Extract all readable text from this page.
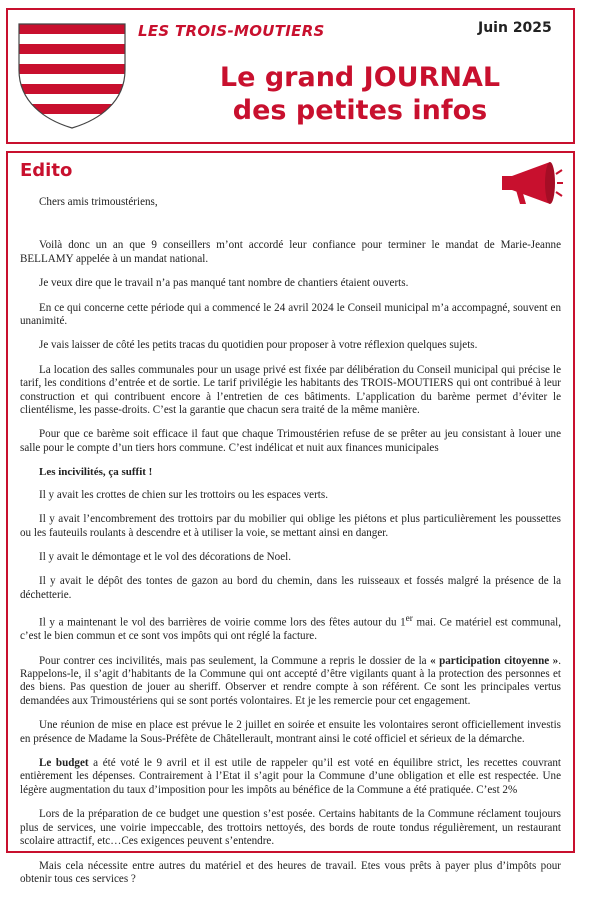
LES TROIS-MOUTIERS	Juin 2025
Le grand JOURNAL
des petites infos
Edito

Chers amis trimoustériens,

Voilà donc un an que 9 conseillers m’ont accordé leur confiance pour terminer le mandat de Marie-Jeanne BELLAMY appelée à un mandat national.

Je veux dire que le travail n’a pas manqué tant nombre de chantiers étaient ouverts.

En ce qui concerne cette période qui a commencé le 24 avril 2024 le Conseil municipal m’a accompagné, souvent en unanimité.

Je vais laisser de côté les petits tracas du quotidien pour proposer à votre réflexion quelques sujets.

La location des salles communales pour un usage privé est fixée par délibération du Conseil municipal qui précise le tarif, les conditions d’entrée et de sortie. Le tarif privilégie les habitants des TROIS-MOUTIERS qui ont contribué à leur construction et qui contribuent encore à l’entretien de ces bâtiments. L’application du barème permet d’éviter le clientélisme, les passe-droits. C’est la garantie que chacun sera traité de la même manière.

Pour que ce barème soit efficace il faut que chaque Trimoustérien refuse de se prêter au jeu consistant à louer une salle pour le compte d’un tiers hors commune. C’est indélicat et nuit aux finances municipales

Les incivilités, ça suffit !

Il y avait les crottes de chien sur les trottoirs ou les espaces verts.

Il y avait l’encombrement des trottoirs par du mobilier qui oblige les piétons et plus particulièrement les poussettes ou les fauteuils roulants à descendre et à utiliser la voie, se mettant ainsi en danger.

Il y avait le démontage et le vol des décorations de Noel.

Il y avait le dépôt des tontes de gazon au bord du chemin, dans les ruisseaux et fossés malgré la présence de la déchetterie.

Il y a maintenant le vol des barrières de voirie comme lors des fêtes autour du 1er mai. Ce matériel est communal, c’est le bien commun et ce sont vos impôts qui ont réglé la facture.

Pour contrer ces incivilités, mais pas seulement, la Commune a repris le dossier de la « participation citoyenne ». Rappelons-le, il s’agit d’habitants de la Commune qui ont accepté d’être vigilants quant à la protection des personnes et des biens. Pas question de jouer au sheriff. Observer et rendre compte à son référent. Ce sont les principales vertus demandées aux Trimoustériens qui se sont portés volontaires. Et je les remercie pour cet engagement.

Une réunion de mise en place est prévue le 2 juillet en soirée et ensuite les volontaires seront officiellement investis en présence de Madame la Sous-Préfète de Châtellerault, montrant ainsi le coté officiel et sérieux de la démarche.

Le budget a été voté le 9 avril et il est utile de rappeler qu’il est voté en équilibre strict, les recettes couvrant entièrement les dépenses. Contrairement à l’Etat il s’agit pour la Commune d’une obligation et elle est respectée. Une légère augmentation du taux d’imposition pour les impôts au bénéfice de la Commune a été pratiquée. C’est 2%

Lors de la préparation de ce budget une question s’est posée. Certains habitants de la Commune réclament toujours plus de services, une voirie impeccable, des trottoirs nettoyés, des bords de route tondus régulièrement, un restaurant scolaire attractif, etc…Ces exigences peuvent s’entendre.

Mais cela nécessite entre autres du matériel et des heures de travail. Etes vous prêts à payer plus d’impôts pour obtenir tous ces services ?
